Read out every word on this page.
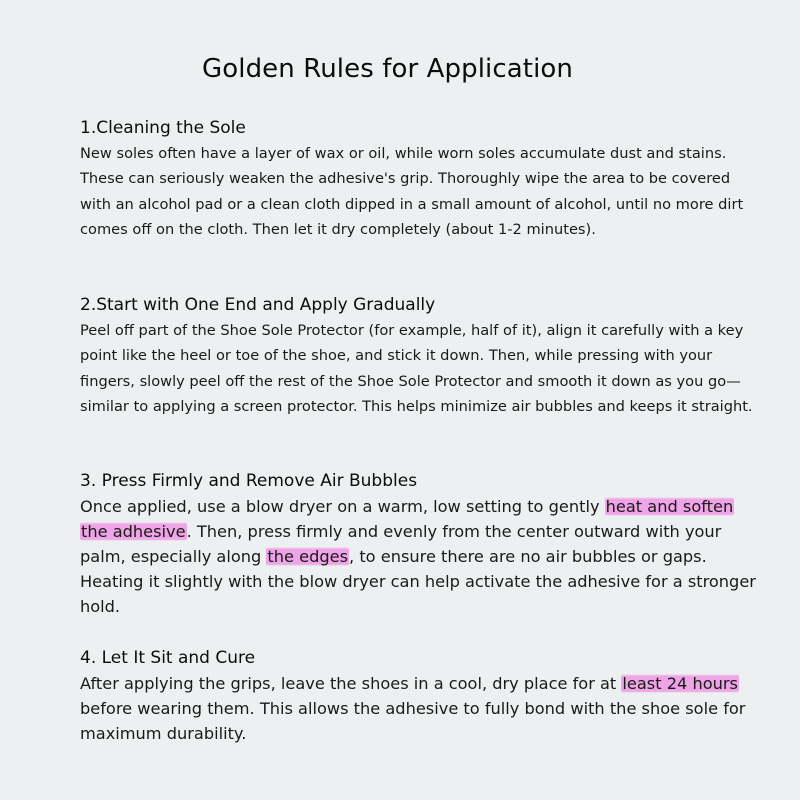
Golden Rules for Application
1.Cleaning the Sole

New soles often have a layer of wax or oil, while worn soles accumulate dust and stains. These can seriously weaken the adhesive's grip. Thoroughly wipe the area to be covered with an alcohol pad or a clean cloth dipped in a small amount of alcohol, until no more dirt comes off on the cloth. Then let it dry completely (about 1-2 minutes).

2.Start with One End and Apply Gradually

Peel off part of the Shoe Sole Protector (for example, half of it), align it carefully with a key point like the heel or toe of the shoe, and stick it down. Then, while pressing with your fingers, slowly peel off the rest of the Shoe Sole Protector and smooth it down as you go—similar to applying a screen protector. This helps minimize air bubbles and keeps it straight.

3. Press Firmly and Remove Air Bubbles

Once applied, use a blow dryer on a warm, low setting to gently heat and soften the adhesive. Then, press firmly and evenly from the center outward with your palm, especially along the edges, to ensure there are no air bubbles or gaps. Heating it slightly with the blow dryer can help activate the adhesive for a stronger hold.

4. Let It Sit and Cure

After applying the grips, leave the shoes in a cool, dry place for at least 24 hours before wearing them. This allows the adhesive to fully bond with the shoe sole for maximum durability.
